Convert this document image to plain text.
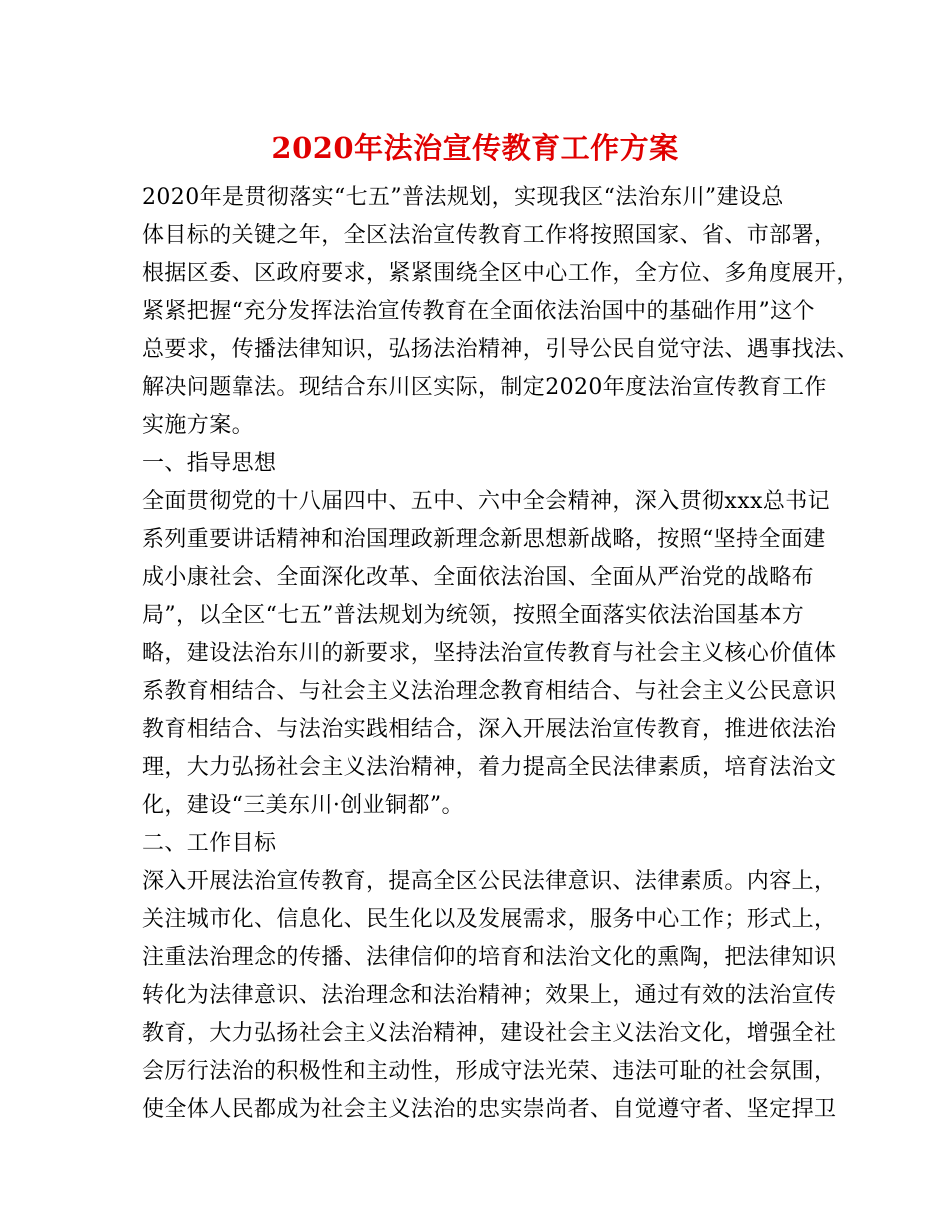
2020年法治宣传教育工作方案
2020年是贯彻落实“七五”普法规划，实现我区“法治东川”建设总
体目标的关键之年，全区法治宣传教育工作将按照国家、省、市部署，
根据区委、区政府要求，紧紧围绕全区中心工作，全方位、多角度展开，
紧紧把握“充分发挥法治宣传教育在全面依法治国中的基础作用”这个
总要求，传播法律知识，弘扬法治精神，引导公民自觉守法、遇事找法、
解决问题靠法。现结合东川区实际，制定2020年度法治宣传教育工作
实施方案。
一、指导思想
全面贯彻党的十八届四中、五中、六中全会精神，深入贯彻xxx总书记
系列重要讲话精神和治国理政新理念新思想新战略，按照“坚持全面建
成小康社会、全面深化改革、全面依法治国、全面从严治党的战略布
局”，以全区“七五”普法规划为统领，按照全面落实依法治国基本方
略，建设法治东川的新要求，坚持法治宣传教育与社会主义核心价值体
系教育相结合、与社会主义法治理念教育相结合、与社会主义公民意识
教育相结合、与法治实践相结合，深入开展法治宣传教育，推进依法治
理，大力弘扬社会主义法治精神，着力提高全民法律素质，培育法治文
化，建设“三美东川·创业铜都”。
二、工作目标
深入开展法治宣传教育，提高全区公民法律意识、法律素质。内容上，
关注城市化、信息化、民生化以及发展需求，服务中心工作；形式上，
注重法治理念的传播、法律信仰的培育和法治文化的熏陶，把法律知识
转化为法律意识、法治理念和法治精神；效果上，通过有效的法治宣传
教育，大力弘扬社会主义法治精神，建设社会主义法治文化，增强全社
会厉行法治的积极性和主动性，形成守法光荣、违法可耻的社会氛围，
使全体人民都成为社会主义法治的忠实崇尚者、自觉遵守者、坚定捍卫
